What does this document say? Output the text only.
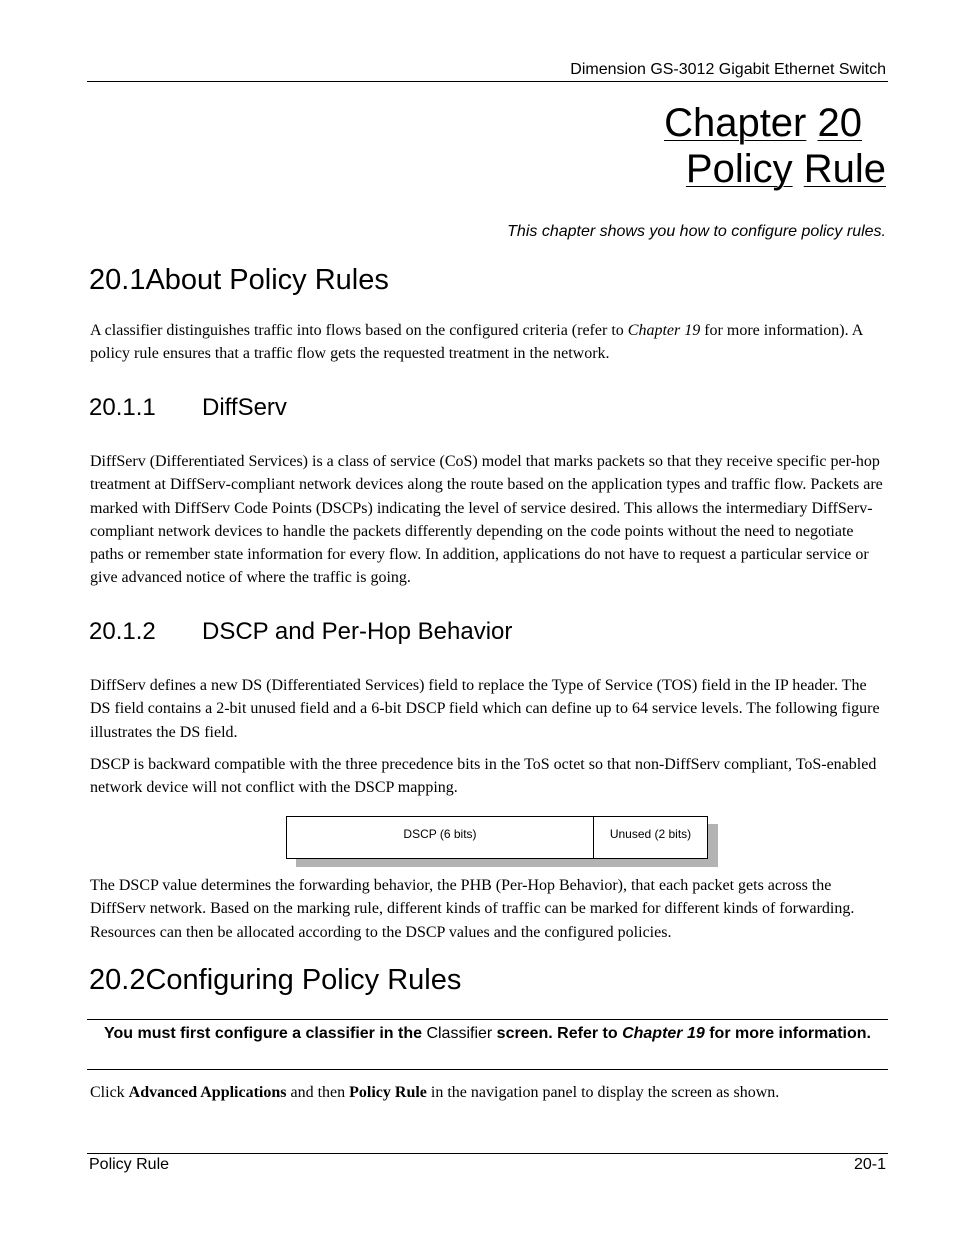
Dimension GS-3012 Gigabit Ethernet Switch
Chapter 20
Policy Rule
This chapter shows you how to configure policy rules.
20.1About Policy Rules

A classifier distinguishes traffic into flows based on the configured criteria (refer to Chapter 19 for more information). A policy rule ensures that a traffic flow gets the requested treatment in the network.

20.1.1 DiffServ

DiffServ (Differentiated Services) is a class of service (CoS) model that marks packets so that they receive specific per-hop treatment at DiffServ-compliant network devices along the route based on the application types and traffic flow. Packets are marked with DiffServ Code Points (DSCPs) indicating the level of service desired. This allows the intermediary DiffServ-compliant network devices to handle the packets differently depending on the code points without the need to negotiate paths or remember state information for every flow. In addition, applications do not have to request a particular service or give advanced notice of where the traffic is going.

20.1.2 DSCP and Per-Hop Behavior

DiffServ defines a new DS (Differentiated Services) field to replace the Type of Service (TOS) field in the IP header. The DS field contains a 2-bit unused field and a 6-bit DSCP field which can define up to 64 service levels. The following figure illustrates the DS field.

DSCP is backward compatible with the three precedence bits in the ToS octet so that non-DiffServ compliant, ToS-enabled network device will not conflict with the DSCP mapping.

DSCP (6 bits)	Unused (2 bits)

The DSCP value determines the forwarding behavior, the PHB (Per-Hop Behavior), that each packet gets across the DiffServ network. Based on the marking rule, different kinds of traffic can be marked for different kinds of forwarding. Resources can then be allocated according to the DSCP values and the configured policies.

20.2Configuring Policy Rules
You must first configure a classifier in the Classifier screen. Refer to Chapter 19 for more information.

Click Advanced Applications and then Policy Rule in the navigation panel to display the screen as shown.

Policy Rule	20-1
